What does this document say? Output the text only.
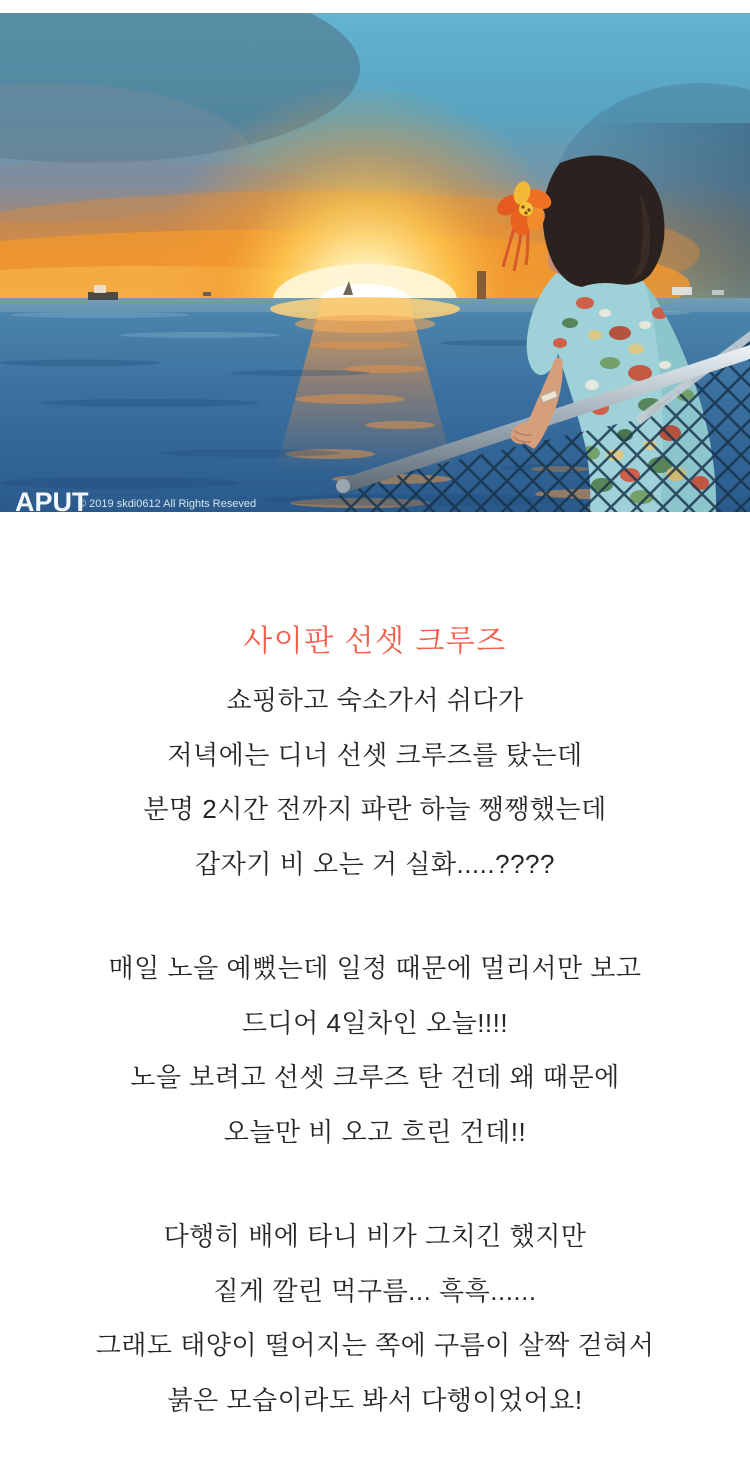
APUT
© 2019 skdi0612 All Rights Reseved
사이판 선셋 크루즈
쇼핑하고 숙소가서 쉬다가
저녁에는 디너 선셋 크루즈를 탔는데
분명 2시간 전까지 파란 하늘 쨍쨍했는데
갑자기 비 오는 거 실화.....????
매일 노을 예뻤는데 일정 때문에 멀리서만 보고
드디어 4일차인 오늘!!!!
노을 보려고 선셋 크루즈 탄 건데 왜 때문에
오늘만 비 오고 흐린 건데!!
다행히 배에 타니 비가 그치긴 했지만
짙게 깔린 먹구름... 흑흑......
그래도 태양이 떨어지는 쪽에 구름이 살짝 걷혀서
붉은 모습이라도 봐서 다행이었어요!
